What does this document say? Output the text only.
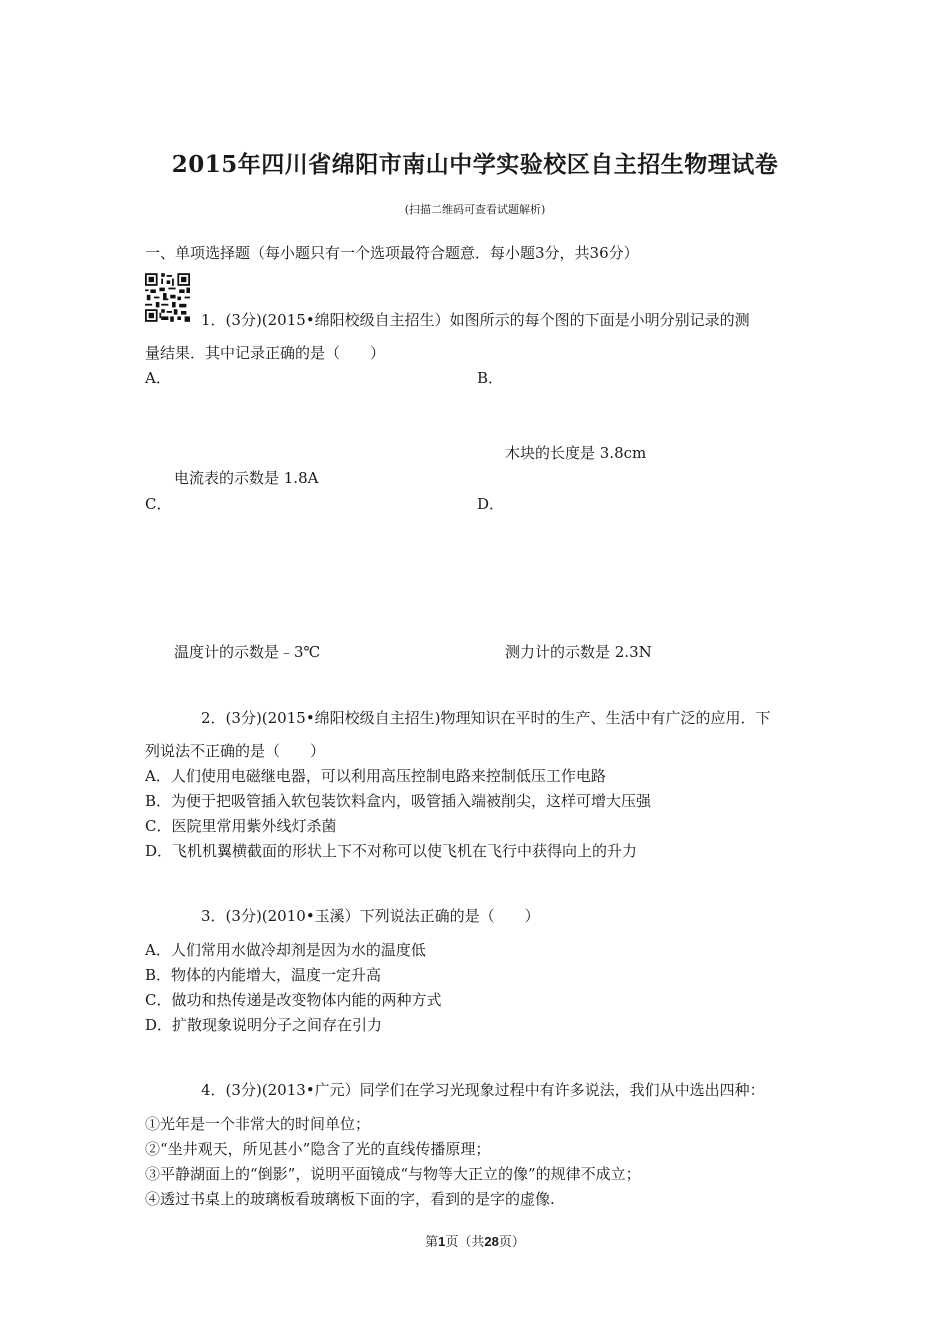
2015年四川省绵阳市南山中学实验校区自主招生物理试卷
(扫描二维码可查看试题解析)
一、单项选择题（每小题只有一个选项最符合题意．每小题3分，共36分）
1．(3分)(2015•绵阳校级自主招生）如图所示的每个图的下面是小明分别记录的测
量结果．其中记录正确的是（　　）
A．	B．
木块的长度是 3.8cm
电流表的示数是 1.8A
C．	D．
温度计的示数是﹣3℃	测力计的示数是 2.3N
2．(3分)(2015•绵阳校级自主招生)物理知识在平时的生产、生活中有广泛的应用．下
列说法不正确的是（　　）
A．人们使用电磁继电器，可以利用高压控制电路来控制低压工作电路
B．为便于把吸管插入软包装饮料盒内，吸管插入端被削尖，这样可增大压强
C．医院里常用紫外线灯杀菌
D．飞机机翼横截面的形状上下不对称可以使飞机在飞行中获得向上的升力
3．(3分)(2010•玉溪）下列说法正确的是（　　）
A．人们常用水做冷却剂是因为水的温度低
B．物体的内能增大，温度一定升高
C．做功和热传递是改变物体内能的两种方式
D．扩散现象说明分子之间存在引力
4．(3分)(2013•广元）同学们在学习光现象过程中有许多说法，我们从中选出四种：
①光年是一个非常大的时间单位；
②“坐井观天，所见甚小”隐含了光的直线传播原理；
③平静湖面上的“倒影”，说明平面镜成“与物等大正立的像”的规律不成立；
④透过书桌上的玻璃板看玻璃板下面的字，看到的是字的虚像.
第1页（共28页）
